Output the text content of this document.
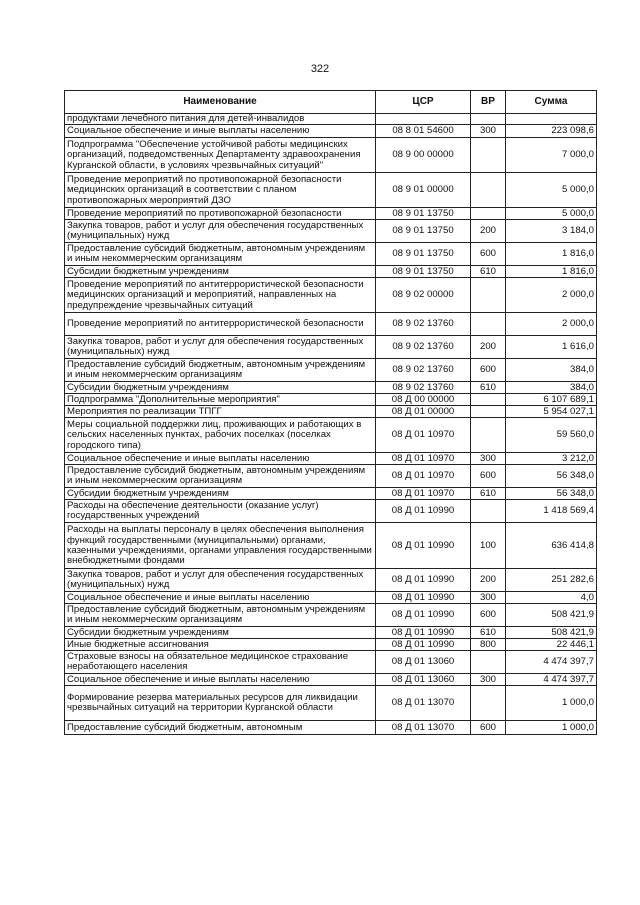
322
Наименование	ЦСР	ВР	Сумма
продуктами лечебного питания для детей-инвалидов			
Социальное обеспечение и иные выплаты населению	08 8 01 54600	300	223 098,6
Подпрограмма "Обеспечение устойчивой работы медицинских организаций, подведомственных Департаменту здравоохранения Курганской области, в условиях чрезвычайных ситуаций"	08 9 00 00000		7 000,0
Проведение мероприятий по противопожарной безопасности медицинских организаций в соответствии с планом противопожарных мероприятий ДЗО	08 9 01 00000		5 000,0
Проведение мероприятий по противопожарной безопасности	08 9 01 13750		5 000,0
Закупка товаров, работ и услуг для обеспечения государственных (муниципальных) нужд	08 9 01 13750	200	3 184,0
Предоставление субсидий бюджетным, автономным учреждениям и иным некоммерческим организациям	08 9 01 13750	600	1 816,0
Субсидии бюджетным учреждениям	08 9 01 13750	610	1 816,0
Проведение мероприятий по антитеррористической безопасности медицинских организаций и мероприятий, направленных на предупреждение чрезвычайных ситуаций	08 9 02 00000		2 000,0
Проведение мероприятий по антитеррористической безопасности	08 9 02 13760		2 000,0
Закупка товаров, работ и услуг для обеспечения государственных (муниципальных) нужд	08 9 02 13760	200	1 616,0
Предоставление субсидий бюджетным, автономным учреждениям и иным некоммерческим организациям	08 9 02 13760	600	384,0
Субсидии бюджетным учреждениям	08 9 02 13760	610	384,0
Подпрограмма "Дополнительные мероприятия"	08 Д 00 00000		6 107 689,1
Мероприятия по реализации ТПГГ	08 Д 01 00000		5 954 027,1
Меры социальной поддержки лиц, проживающих и работающих в сельских населенных пунктах, рабочих поселках (поселках городского типа)	08 Д 01 10970		59 560,0
Социальное обеспечение и иные выплаты населению	08 Д 01 10970	300	3 212,0
Предоставление субсидий бюджетным, автономным учреждениям и иным некоммерческим организациям	08 Д 01 10970	600	56 348,0
Субсидии бюджетным учреждениям	08 Д 01 10970	610	56 348,0
Расходы на обеспечение деятельности (оказание услуг) государственных учреждений	08 Д 01 10990		1 418 569,4
Расходы на выплаты персоналу в целях обеспечения выполнения функций государственными (муниципальными) органами, казенными учреждениями, органами управления государственными внебюджетными фондами	08 Д 01 10990	100	636 414,8
Закупка товаров, работ и услуг для обеспечения государственных (муниципальных) нужд	08 Д 01 10990	200	251 282,6
Социальное обеспечение и иные выплаты населению	08 Д 01 10990	300	4,0
Предоставление субсидий бюджетным, автономным учреждениям и иным некоммерческим организациям	08 Д 01 10990	600	508 421,9
Субсидии бюджетным учреждениям	08 Д 01 10990	610	508 421,9
Иные бюджетные ассигнования	08 Д 01 10990	800	22 446,1
Страховые взносы на обязательное медицинское страхование неработающего населения	08 Д 01 13060		4 474 397,7
Социальное обеспечение и иные выплаты населению	08 Д 01 13060	300	4 474 397,7
Формирование резерва материальных ресурсов для ликвидации чрезвычайных ситуаций на территории Курганской области	08 Д 01 13070		1 000,0
Предоставление субсидий бюджетным, автономным	08 Д 01 13070	600	1 000,0
